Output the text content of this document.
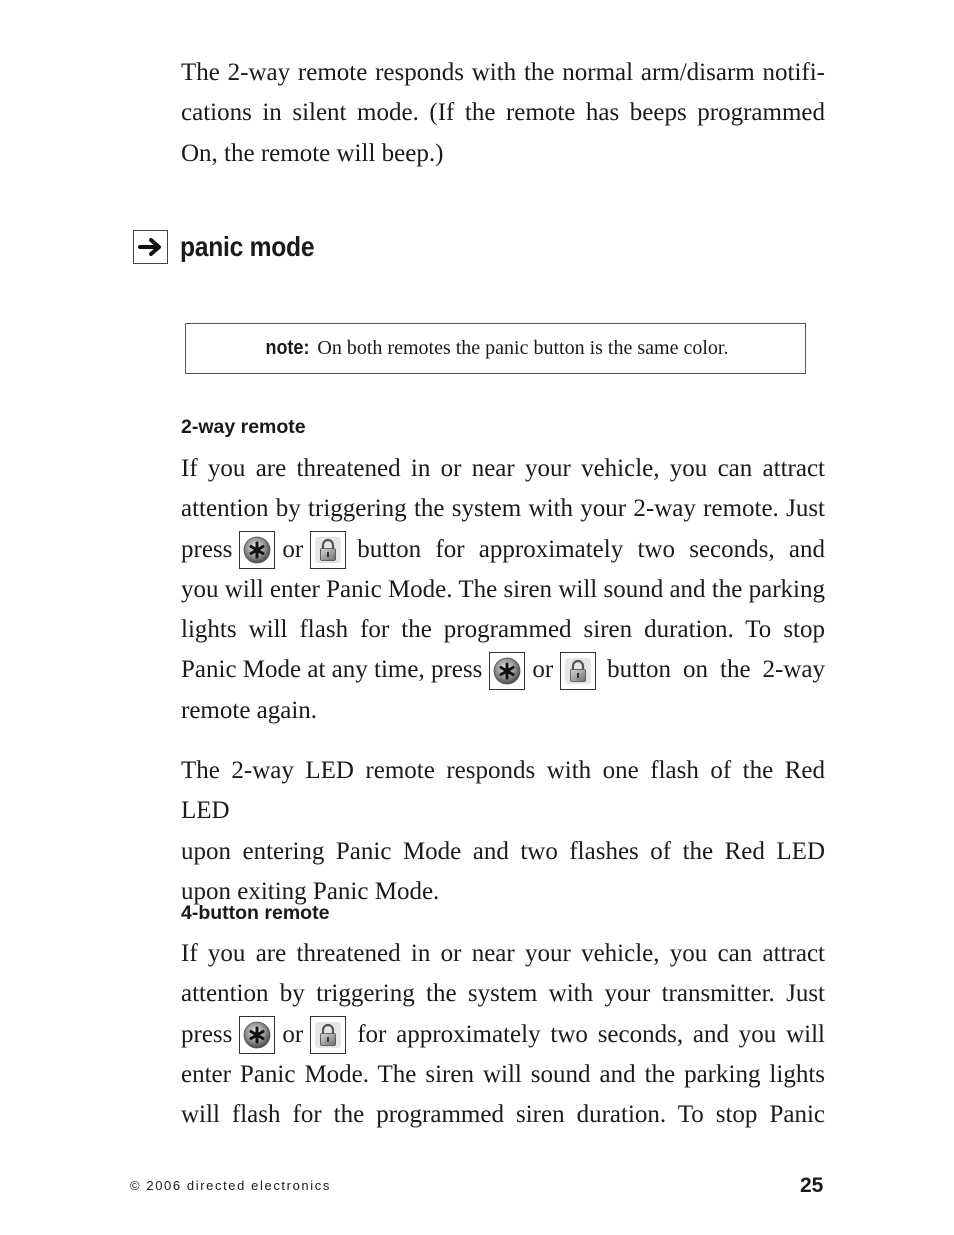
The 2-way remote responds with the normal arm/disarm notifi-
cations in silent mode. (If the remote has beeps programmed
On, the remote will beep.)
panic mode
note: On both remotes the panic button is the same color.
2-way remote
If you are threatened in or near your vehicle, you can attract
attention by triggering the system with your 2-way remote. Just
press or button for approximately two seconds, and
you will enter Panic Mode. The siren will sound and the parking
lights will flash for the programmed siren duration. To stop
Panic Mode at any time, press or button on the 2-way
remote again.
The 2-way LED remote responds with one flash of the Red LED
upon entering Panic Mode and two flashes of the Red LED
upon exiting Panic Mode.
4-button remote
If you are threatened in or near your vehicle, you can attract
attention by triggering the system with your transmitter. Just
press or for approximately two seconds, and you will
enter Panic Mode. The siren will sound and the parking lights
will flash for the programmed siren duration. To stop Panic
© 2006 directed electronics	25
